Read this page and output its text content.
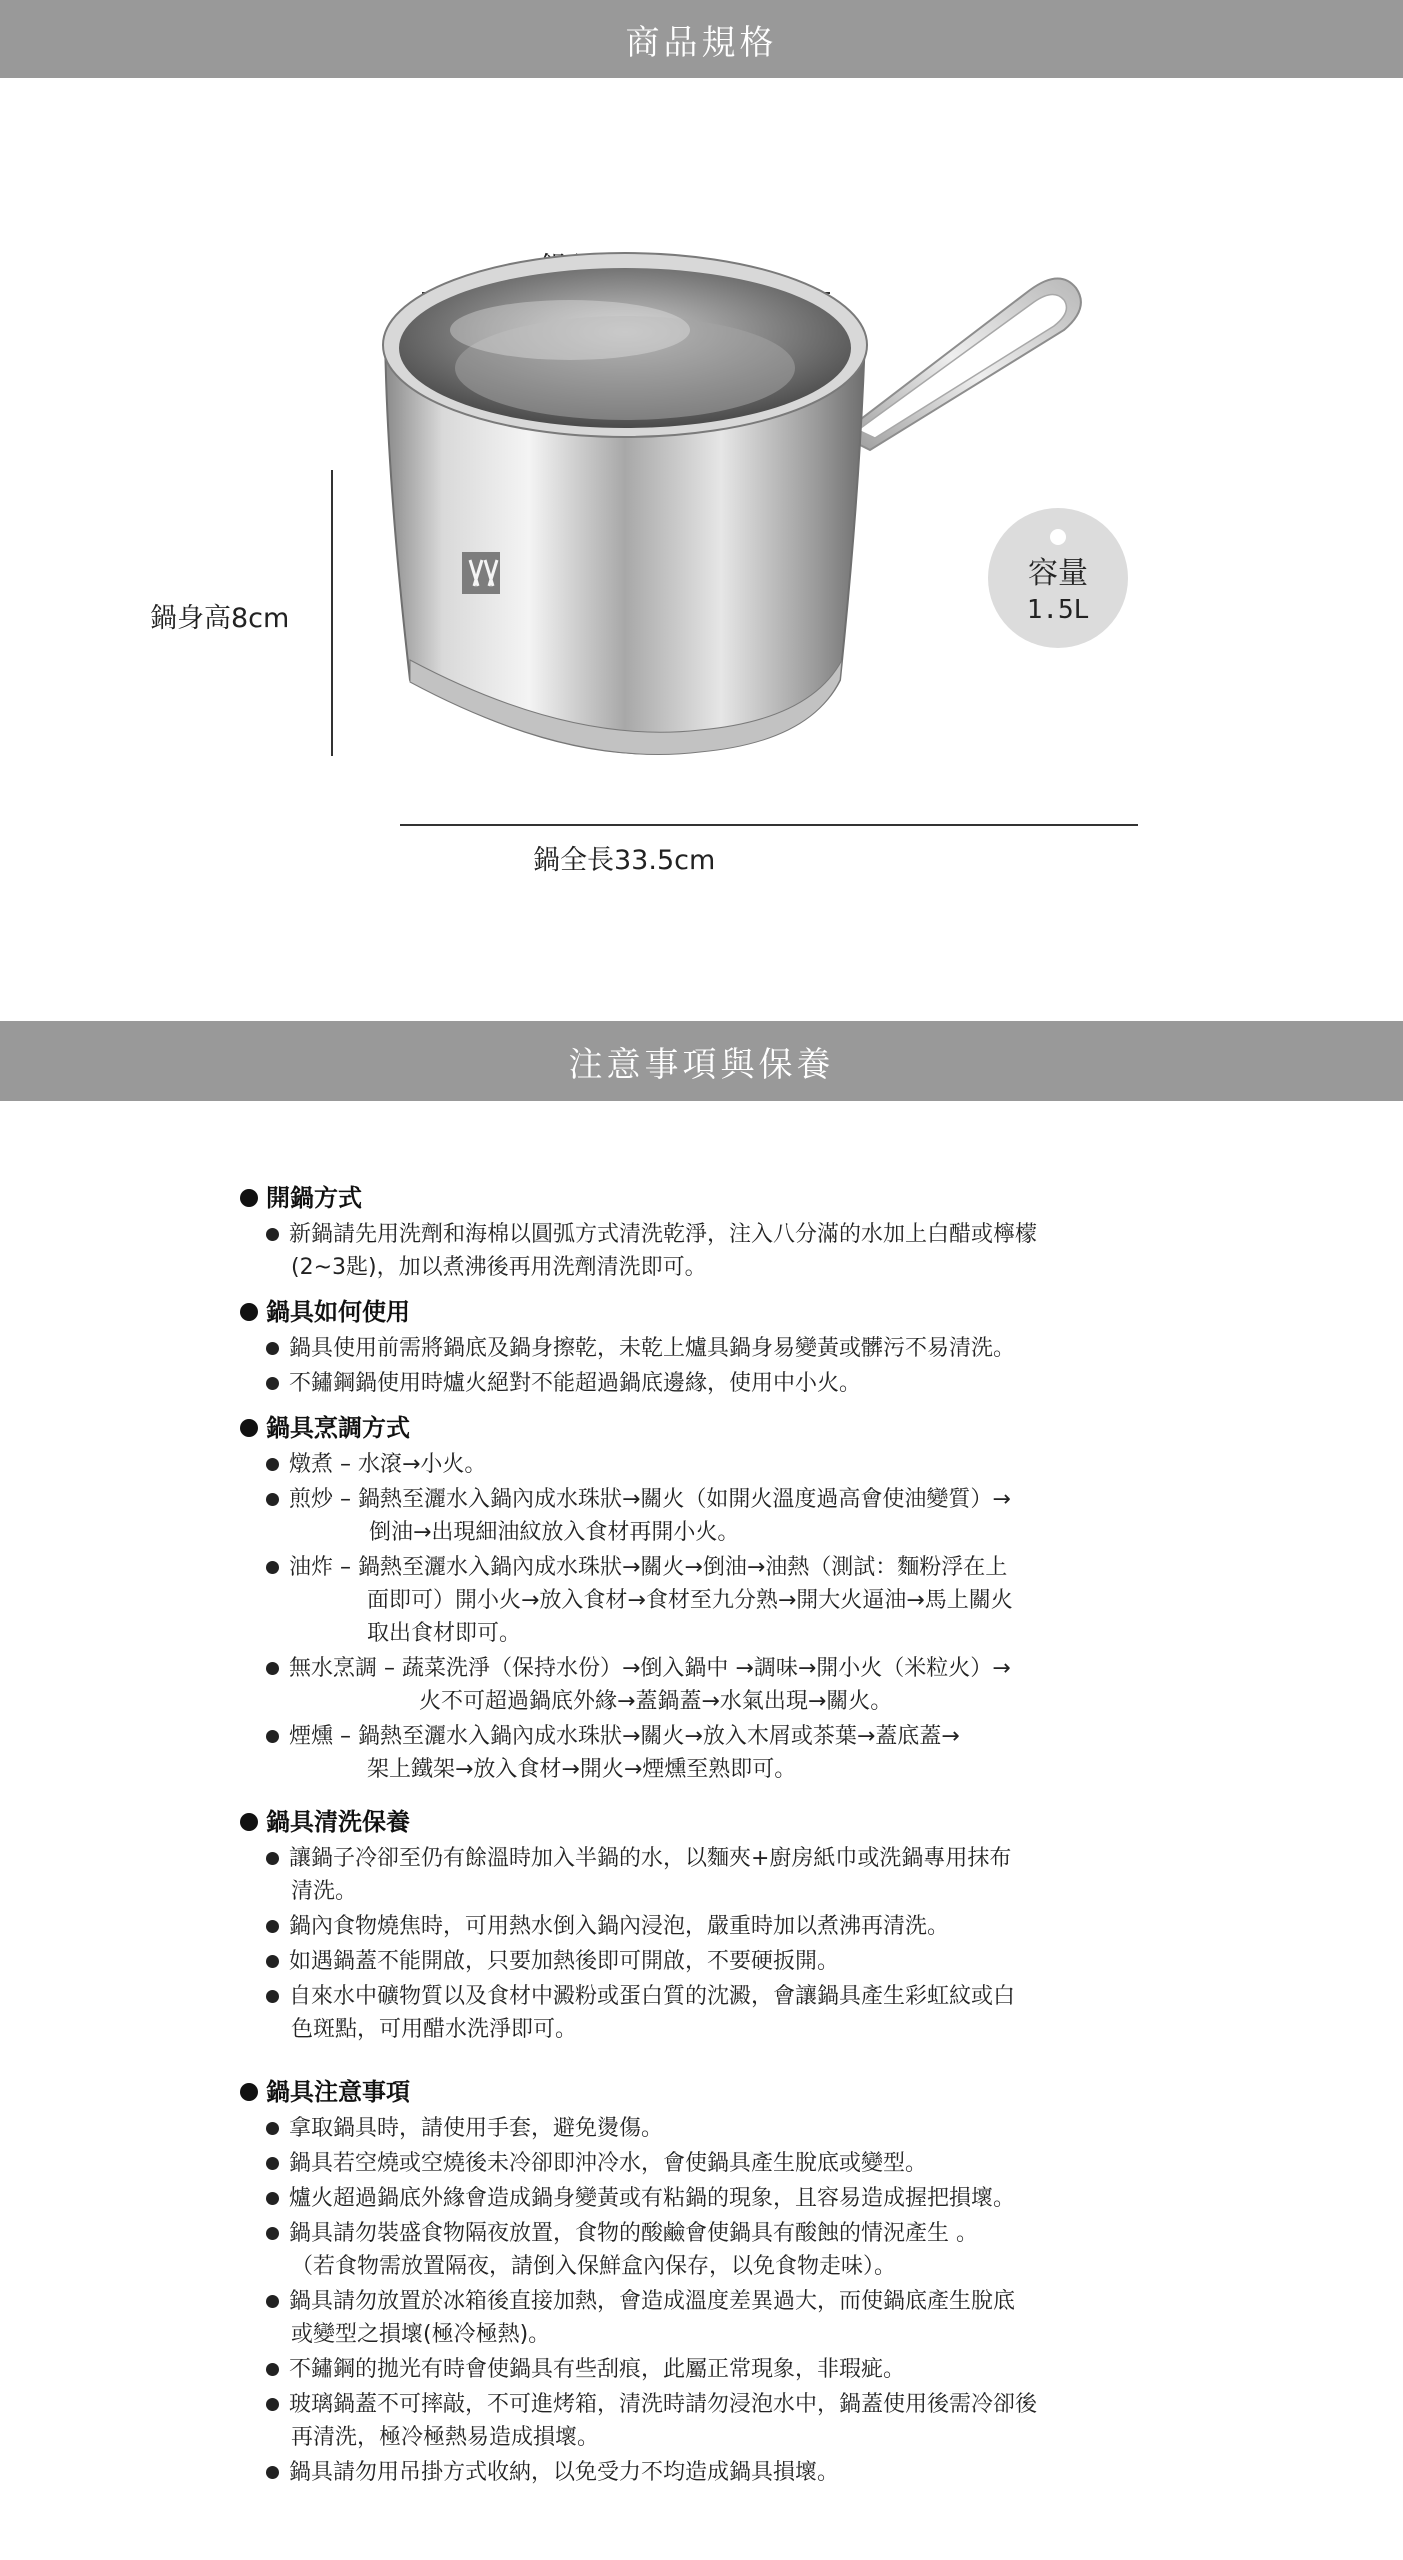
商品規格
鍋身高8cm
鍋全長33.5cm
容量
1.5L
注意事項與保養
開鍋方式
新鍋請先用洗劑和海棉以圓弧方式清洗乾淨，注入八分滿的水加上白醋或檸檬
(2~3匙)，加以煮沸後再用洗劑清洗即可。
鍋具如何使用
鍋具使用前需將鍋底及鍋身擦乾，未乾上爐具鍋身易變黃或髒污不易清洗。
不鏽鋼鍋使用時爐火絕對不能超過鍋底邊緣，使用中小火。
鍋具烹調方式
燉煮 – 水滾→小火。
煎炒 – 鍋熱至灑水入鍋內成水珠狀→關火（如開火溫度過高會使油變質）→
倒油→出現細油紋放入食材再開小火。
油炸 – 鍋熱至灑水入鍋內成水珠狀→關火→倒油→油熱（測試：麵粉浮在上
面即可）開小火→放入食材→食材至九分熟→開大火逼油→馬上關火
取出食材即可。
無水烹調 – 蔬菜洗淨（保持水份）→倒入鍋中 →調味→開小火（米粒火）→
火不可超過鍋底外緣→蓋鍋蓋→水氣出現→關火。
煙燻 – 鍋熱至灑水入鍋內成水珠狀→關火→放入木屑或茶葉→蓋底蓋→
架上鐵架→放入食材→開火→煙燻至熟即可。
鍋具清洗保養
讓鍋子冷卻至仍有餘溫時加入半鍋的水，以麵夾+廚房紙巾或洗鍋專用抹布
清洗。
鍋內食物燒焦時，可用熱水倒入鍋內浸泡，嚴重時加以煮沸再清洗。
如遇鍋蓋不能開啟，只要加熱後即可開啟，不要硬扳開。
自來水中礦物質以及食材中澱粉或蛋白質的沈澱，會讓鍋具產生彩虹紋或白
色斑點，可用醋水洗淨即可。
鍋具注意事項
拿取鍋具時，請使用手套，避免燙傷。
鍋具若空燒或空燒後未冷卻即沖冷水，會使鍋具產生脫底或變型。
爐火超過鍋底外緣會造成鍋身變黃或有粘鍋的現象，且容易造成握把損壞。
鍋具請勿裝盛食物隔夜放置，食物的酸鹼會使鍋具有酸蝕的情況產生 。
（若食物需放置隔夜，請倒入保鮮盒內保存，以免食物走味）。
鍋具請勿放置於冰箱後直接加熱，會造成溫度差異過大，而使鍋底產生脫底
或變型之損壞(極冷極熱)。
不鏽鋼的拋光有時會使鍋具有些刮痕，此屬正常現象，非瑕疵。
玻璃鍋蓋不可摔敲，不可進烤箱，清洗時請勿浸泡水中，鍋蓋使用後需冷卻後
再清洗，極冷極熱易造成損壞。
鍋具請勿用吊掛方式收納，以免受力不均造成鍋具損壞。
